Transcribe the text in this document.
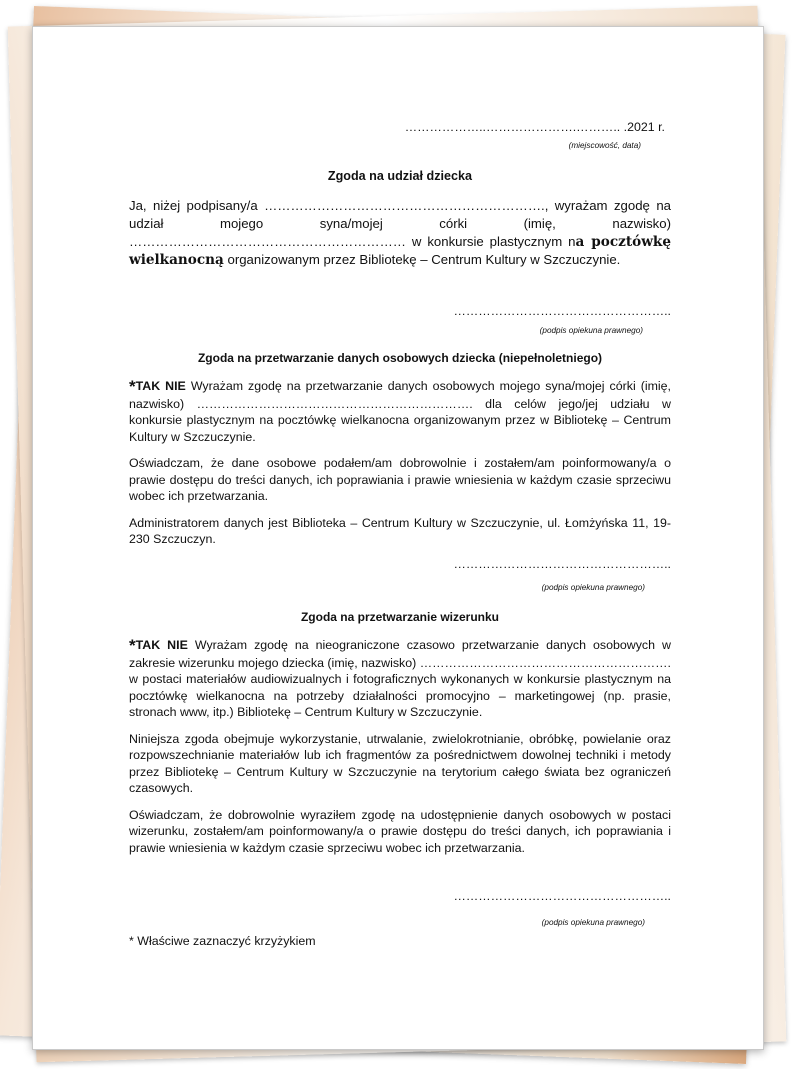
………………..………………….……….. .2021 r.

(miejscowość, data)

Zgoda na udział dziecka

Ja, niżej podpisany/a ………………………………………………………., wyrażam zgodę na udział mojego syna/mojej córki (imię, nazwisko) ……………………………………………………… w konkursie plastycznym na pocztówkę wielkanocną organizowanym przez Bibliotekę – Centrum Kultury w Szczuczynie.

……………………………………………..

(podpis opiekuna prawnego)

Zgoda na przetwarzanie danych osobowych dziecka (niepełnoletniego)

*TAK NIE Wyrażam zgodę na przetwarzanie danych osobowych mojego syna/mojej córki (imię, nazwisko) …………………………………………………………. dla celów jego/jej udziału w konkursie plastycznym na pocztówkę wielkanocna organizowanym przez w Bibliotekę – Centrum Kultury w Szczuczynie.

Oświadczam, że dane osobowe podałem/am dobrowolnie i zostałem/am poinformowany/a o prawie dostępu do treści danych, ich poprawiania i prawie wniesienia w każdym czasie sprzeciwu wobec ich przetwarzania.

Administratorem danych jest Biblioteka – Centrum Kultury w Szczuczynie, ul. Łomżyńska 11, 19-230 Szczuczyn.

……………………………………………..

(podpis opiekuna prawnego)

Zgoda na przetwarzanie wizerunku

*TAK NIE Wyrażam zgodę na nieograniczone czasowo przetwarzanie danych osobowych w zakresie wizerunku mojego dziecka (imię, nazwisko) ……………………………………………………. w postaci materiałów audiowizualnych i fotograficznych wykonanych w konkursie plastycznym na pocztówkę wielkanocna na potrzeby działalności promocyjno – marketingowej (np. prasie, stronach www, itp.) Bibliotekę – Centrum Kultury w Szczuczynie.

Niniejsza zgoda obejmuje wykorzystanie, utrwalanie, zwielokrotnianie, obróbkę, powielanie oraz rozpowszechnianie materiałów lub ich fragmentów za pośrednictwem dowolnej techniki i metody przez Bibliotekę – Centrum Kultury w Szczuczynie na terytorium całego świata bez ograniczeń czasowych.

Oświadczam, że dobrowolnie wyraziłem zgodę na udostępnienie danych osobowych w postaci wizerunku, zostałem/am poinformowany/a o prawie dostępu do treści danych, ich poprawiania i prawie wniesienia w każdym czasie sprzeciwu wobec ich przetwarzania.

……………………………………………..

(podpis opiekuna prawnego)

* Właściwe zaznaczyć krzyżykiem
